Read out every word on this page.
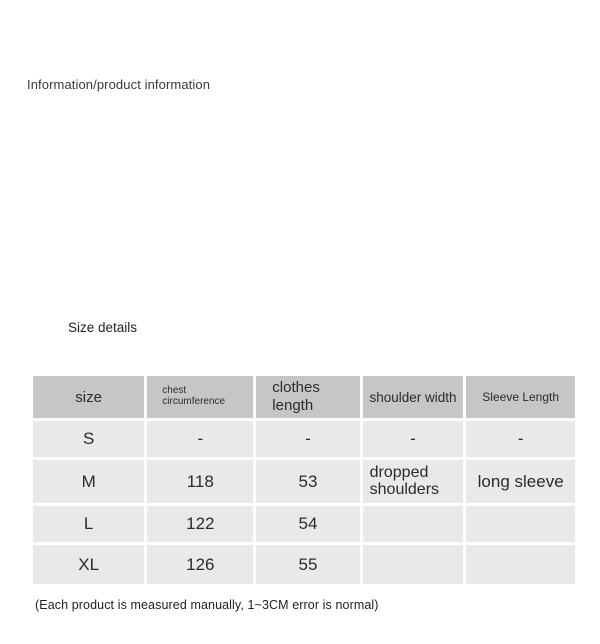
Information/product information
Size details
size	chest circumference	clothes length	shoulder width	Sleeve Length
S	-	-	-	-
M	118	53	dropped shoulders	long sleeve
L	122	54		
XL	126	55		
(Each product is measured manually, 1~3CM error is normal)
